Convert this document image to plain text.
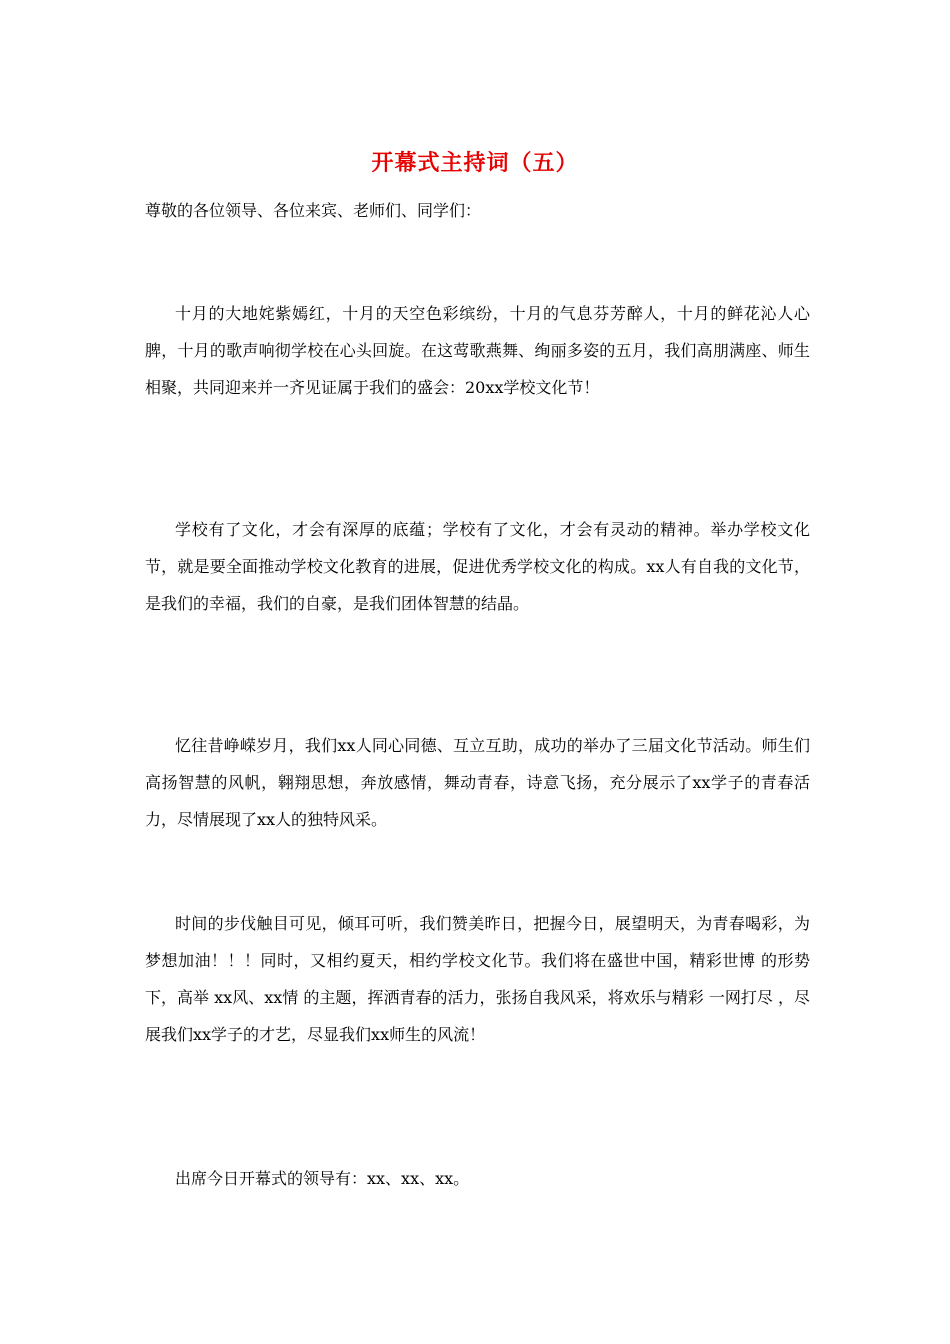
开幕式主持词（五）
尊敬的各位领导、各位来宾、老师们、同学们：
十月的大地姹紫嫣红，十月的天空色彩缤纷，十月的气息芬芳醉人，十月的鲜花沁人心脾，十月的歌声响彻学校在心头回旋。在这莺歌燕舞、绚丽多姿的五月，我们高朋满座、师生相聚，共同迎来并一齐见证属于我们的盛会：20xx学校文化节！
学校有了文化，才会有深厚的底蕴；学校有了文化，才会有灵动的精神。举办学校文化节，就是要全面推动学校文化教育的进展，促进优秀学校文化的构成。xx人有自我的文化节，是我们的幸福，我们的自豪，是我们团体智慧的结晶。
忆往昔峥嵘岁月，我们xx人同心同德、互立互助，成功的举办了三届文化节活动。师生们高扬智慧的风帆，翱翔思想，奔放感情，舞动青春，诗意飞扬，充分展示了xx学子的青春活力，尽情展现了xx人的独特风采。
时间的步伐触目可见，倾耳可听，我们赞美昨日，把握今日，展望明天，为青春喝彩，为梦想加油！！！同时，又相约夏天，相约学校文化节。我们将在盛世中国，精彩世博 的形势下，高举 xx风、xx情 的主题，挥洒青春的活力，张扬自我风采，将欢乐与精彩 一网打尽 ，尽展我们xx学子的才艺，尽显我们xx师生的风流！
出席今日开幕式的领导有：xx、xx、xx。
